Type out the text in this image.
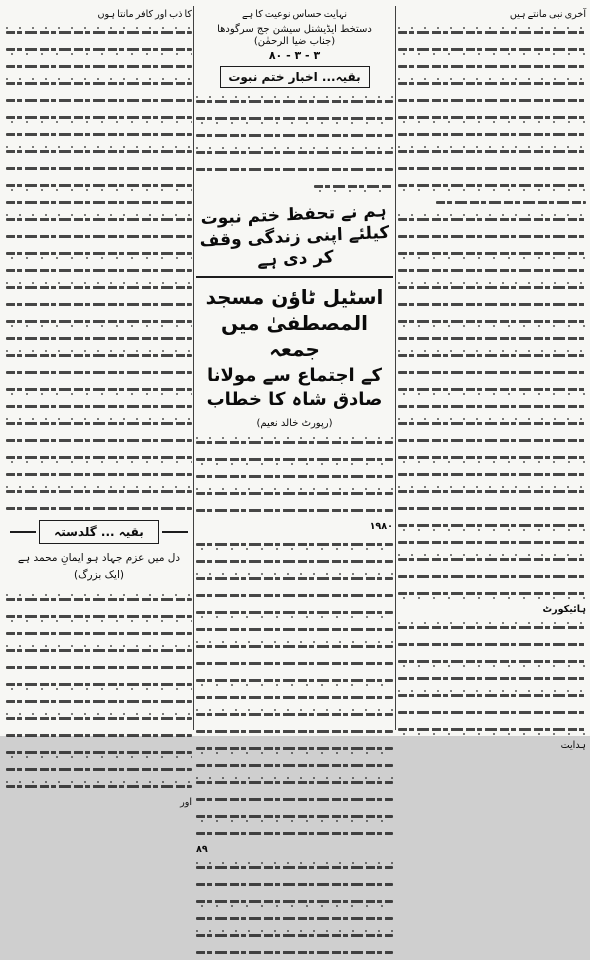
آخری نبی مانتے ہیں
ہائیکورٹ
ہدایت
نہایت حساس نوعیت کا ہے
دستخط ایڈیشنل سیشن جج سرگودھا
(جناب ضیا الرحمٰن)
۳ - ۳ - ۸۰
بقیہ... اخبار ختم نبوت
ہم نے تحفظ ختم نبوت کیلئے اپنی زندگی وقف کر دی ہے
اسٹیل ٹاؤن مسجد المصطفیٰ میں جمعہ
کے اجتماع سے مولانا صادق شاہ کا خطاب
(رپورٹ خالد نعیم)
۱۹۸۰
۸۹
کا ذب اور کافر مانتا ہوں
بقیہ ... گلدستہ
دل میں عزم جہاد ہو ایمانِ محمد ہے
(ایک بزرگ)
اور
